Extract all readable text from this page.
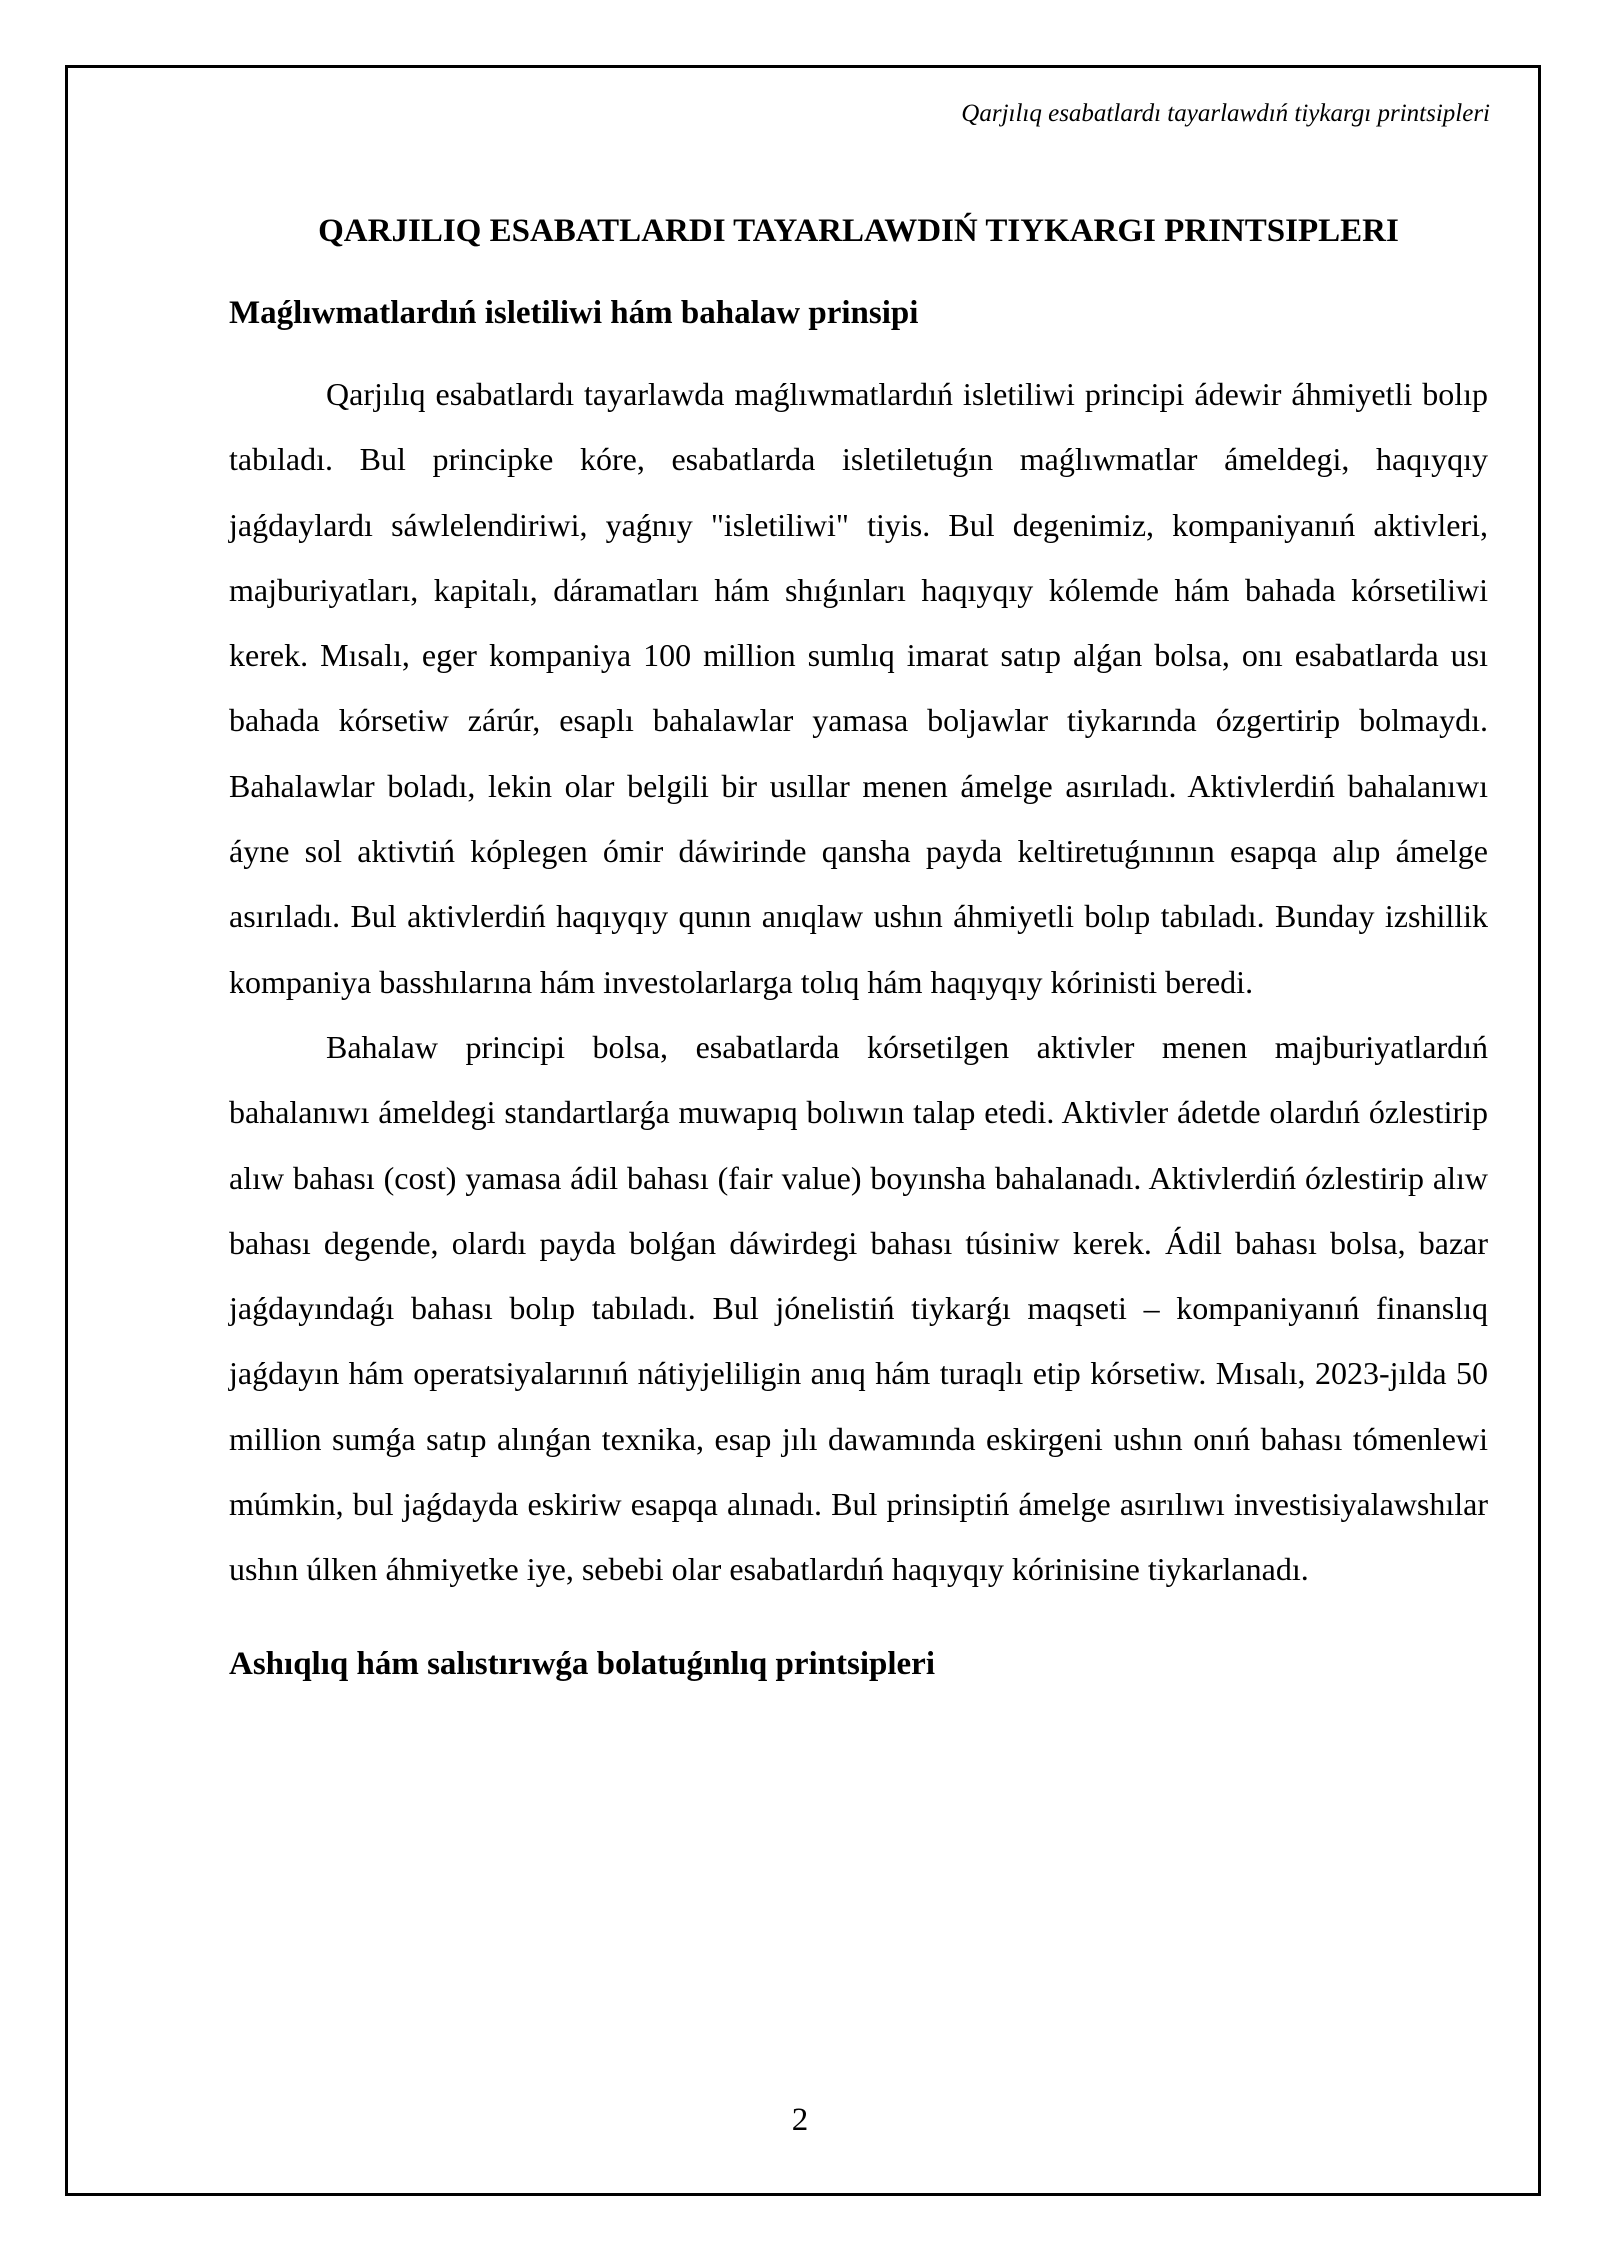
Qarjılıq esabatlardı tayarlawdıń tiykargı printsipleri
QARJILIQ ESABATLARDI TAYARLAWDIŃ TIYKARGI PRINTSIPLERI
Maǵlıwmatlardıń isletiliwi hám bahalaw prinsipi

Qarjılıq esabatlardı tayarlawda maǵlıwmatlardıń isletiliwi principi ádewir áhmiyetli bolıp tabıladı. Bul principke kóre, esabatlarda isletiletuǵın maǵlıwmatlar ámeldegi, haqıyqıy jaǵdaylardı sáwlelendiriwi, yaǵnıy "isletiliwi" tiyis. Bul degenimiz, kompaniyanıń aktivleri, majburiyatları, kapitalı, dáramatları hám shıǵınları haqıyqıy kólemde hám bahada kórsetiliwi kerek. Mısalı, eger kompaniya 100 million sumlıq imarat satıp alǵan bolsa, onı esabatlarda usı bahada kórsetiw zárúr, esaplı bahalawlar yamasa boljawlar tiykarında ózgertirip bolmaydı. Bahalawlar boladı, lekin olar belgili bir usıllar menen ámelge asırıladı. Aktivlerdiń bahalanıwı áyne sol aktivtiń kóplegen ómir dáwirinde qansha payda keltiretuǵınının esapqa alıp ámelge asırıladı. Bul aktivlerdiń haqıyqıy qunın anıqlaw ushın áhmiyetli bolıp tabıladı. Bunday izshillik kompaniya basshılarına hám investolarlarga tolıq hám haqıyqıy kórinisti beredi.

Bahalaw principi bolsa, esabatlarda kórsetilgen aktivler menen majburiyatlardıń bahalanıwı ámeldegi standartlarǵa muwapıq bolıwın talap etedi. Aktivler ádetde olardıń ózlestirip alıw bahası (cost) yamasa ádil bahası (fair value) boyınsha bahalanadı. Aktivlerdiń ózlestirip alıw bahası degende, olardı payda bolǵan dáwirdegi bahası túsiniw kerek. Ádil bahası bolsa, bazar jaǵdayındaǵı bahası bolıp tabıladı. Bul jónelistiń tiykarǵı maqseti – kompaniyanıń finanslıq jaǵdayın hám operatsiyalarınıń nátiyjeliligin anıq hám turaqlı etip kórsetiw. Mısalı, 2023-jılda 50 million sumǵa satıp alınǵan texnika, esap jılı dawamında eskirgeni ushın onıń bahası tómenlewi múmkin, bul jaǵdayda eskiriw esapqa alınadı. Bul prinsiptiń ámelge asırılıwı investisiyalawshılar ushın úlken áhmiyetke iye, sebebi olar esabatlardıń haqıyqıy kórinisine tiykarlanadı.

Ashıqlıq hám salıstırıwǵa bolatuǵınlıq printsipleri
2
